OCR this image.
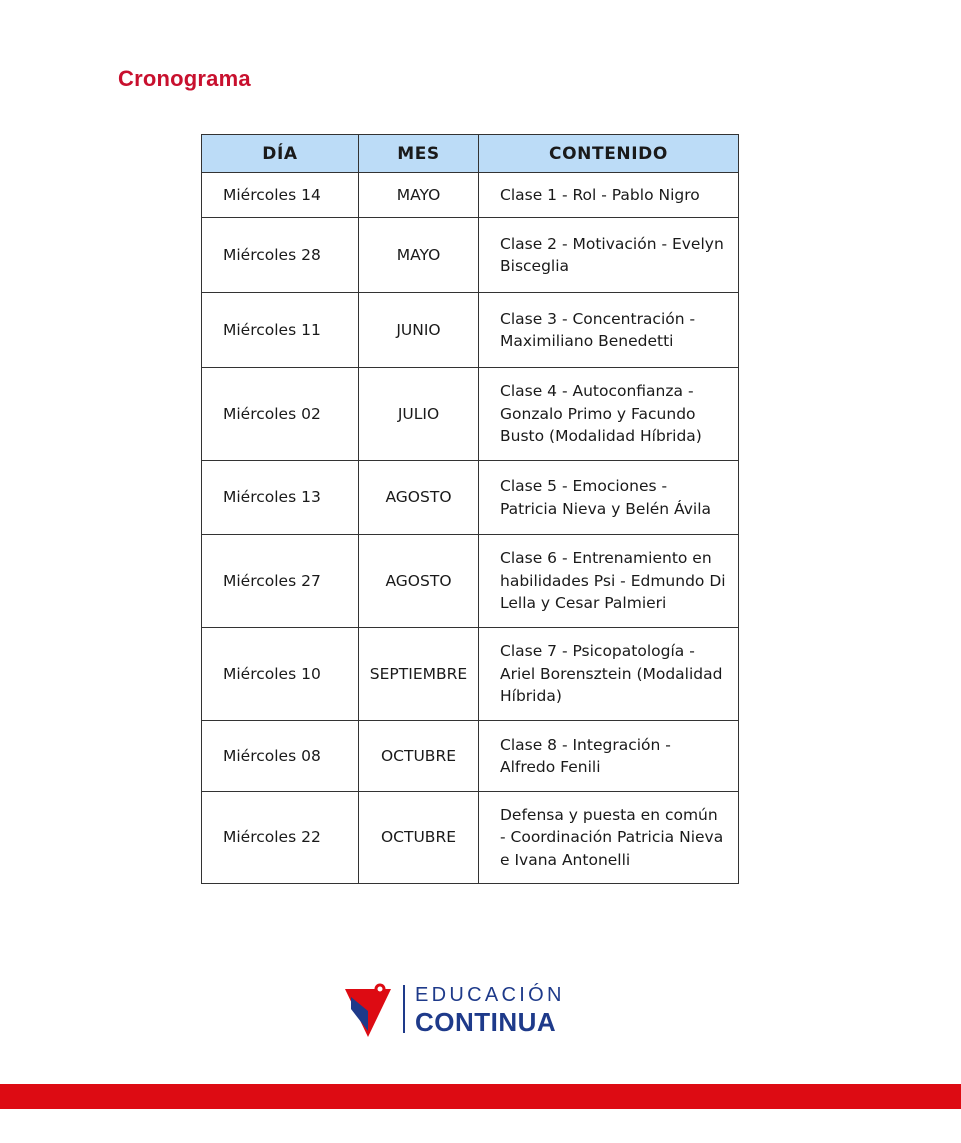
Cronograma
DÍA	MES	CONTENIDO
Miércoles 14	MAYO	Clase 1 - Rol - Pablo Nigro
Miércoles 28	MAYO	Clase 2 - Motivación - Evelyn Bisceglia
Miércoles 11	JUNIO	Clase 3 - Concentración - Maximiliano Benedetti
Miércoles 02	JULIO	Clase 4 - Autoconfianza - Gonzalo Primo y Facundo Busto (Modalidad Híbrida)
Miércoles 13	AGOSTO	Clase 5 - Emociones - Patricia Nieva y Belén Ávila
Miércoles 27	AGOSTO	Clase 6 - Entrenamiento en habilidades Psi - Edmundo Di Lella y Cesar Palmieri
Miércoles 10	SEPTIEMBRE	Clase 7 - Psicopatología - Ariel Borensztein (Modalidad Híbrida)
Miércoles 08	OCTUBRE	Clase 8 - Integración - Alfredo Fenili
Miércoles 22	OCTUBRE	Defensa y puesta en común - Coordinación Patricia Nieva e Ivana Antonelli
EDUCACIÓN
CONTINUA
